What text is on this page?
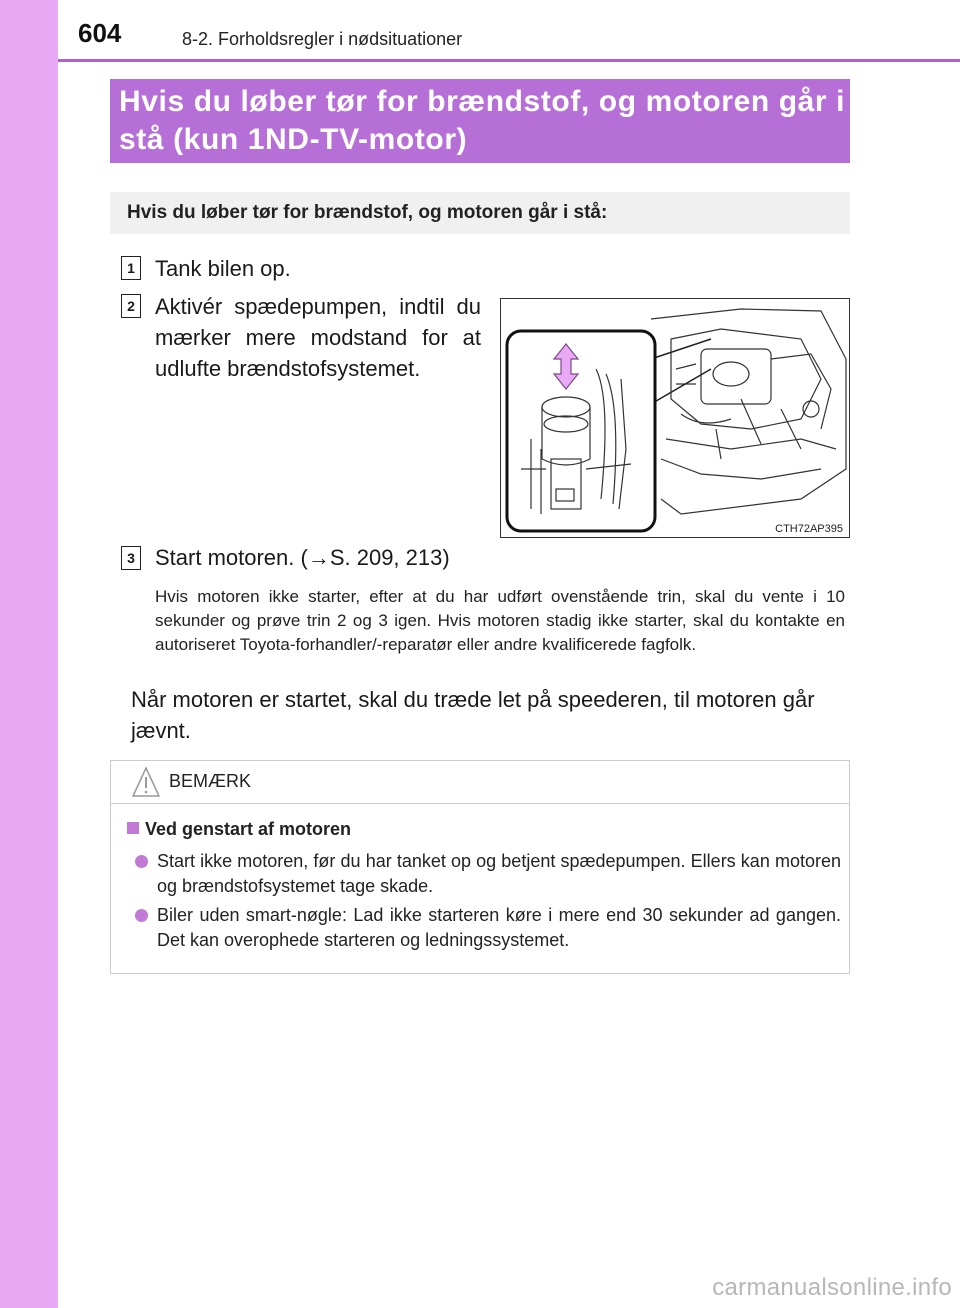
604	8-2. Forholdsregler i nødsituationer
Hvis du løber tør for brændstof, og motoren går i stå (kun 1ND-TV-motor)
Hvis du løber tør for brændstof, og motoren går i stå:
1 Tank bilen op.
2 Aktivér spædepumpen, indtil du mærker mere modstand for at udlufte brændstofsystemet.
CTH72AP395
3 Start motoren. (→S. 209, 213)
Hvis motoren ikke starter, efter at du har udført ovenstående trin, skal du vente i 10 sekunder og prøve trin 2 og 3 igen. Hvis motoren stadig ikke starter, skal du kontakte en autoriseret Toyota-forhandler/-reparatør eller andre kvalificerede fagfolk.
Når motoren er startet, skal du træde let på speederen, til motoren går jævnt.
BEMÆRK
Ved genstart af motoren
Start ikke motoren, før du har tanket op og betjent spædepumpen. Ellers kan motoren og brændstofsystemet tage skade.
Biler uden smart-nøgle: Lad ikke starteren køre i mere end 30 sekunder ad gangen. Det kan overophede starteren og ledningssystemet.
carmanualsonline.info
